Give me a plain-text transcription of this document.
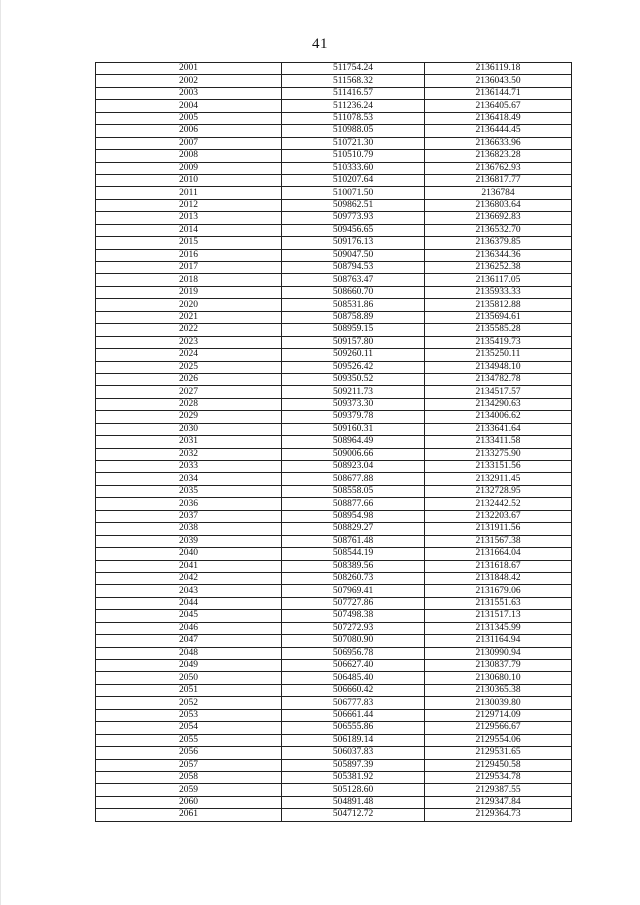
41
2001	511754.24	2136119.18
2002	511568.32	2136043.50
2003	511416.57	2136144.71
2004	511236.24	2136405.67
2005	511078.53	2136418.49
2006	510988.05	2136444.45
2007	510721.30	2136633.96
2008	510510.79	2136823.28
2009	510333.60	2136762.93
2010	510207.64	2136817.77
2011	510071.50	2136784
2012	509862.51	2136803.64
2013	509773.93	2136692.83
2014	509456.65	2136532.70
2015	509176.13	2136379.85
2016	509047.50	2136344.36
2017	508794.53	2136252.38
2018	508763.47	2136117.05
2019	508660.70	2135933.33
2020	508531.86	2135812.88
2021	508758.89	2135694.61
2022	508959.15	2135585.28
2023	509157.80	2135419.73
2024	509260.11	2135250.11
2025	509526.42	2134948.10
2026	509350.52	2134782.78
2027	509211.73	2134517.57
2028	509373.30	2134290.63
2029	509379.78	2134006.62
2030	509160.31	2133641.64
2031	508964.49	2133411.58
2032	509006.66	2133275.90
2033	508923.04	2133151.56
2034	508677.88	2132911.45
2035	508558.05	2132728.95
2036	508877.66	2132442.52
2037	508954.98	2132203.67
2038	508829.27	2131911.56
2039	508761.48	2131567.38
2040	508544.19	2131664.04
2041	508389.56	2131618.67
2042	508260.73	2131848.42
2043	507969.41	2131679.06
2044	507727.86	2131551.63
2045	507498.38	2131517.13
2046	507272.93	2131345.99
2047	507080.90	2131164.94
2048	506956.78	2130990.94
2049	506627.40	2130837.79
2050	506485.40	2130680.10
2051	506660.42	2130365.38
2052	506777.83	2130039.80
2053	506661.44	2129714.09
2054	506555.86	2129566.67
2055	506189.14	2129554.06
2056	506037.83	2129531.65
2057	505897.39	2129450.58
2058	505381.92	2129534.78
2059	505128.60	2129387.55
2060	504891.48	2129347.84
2061	504712.72	2129364.73
